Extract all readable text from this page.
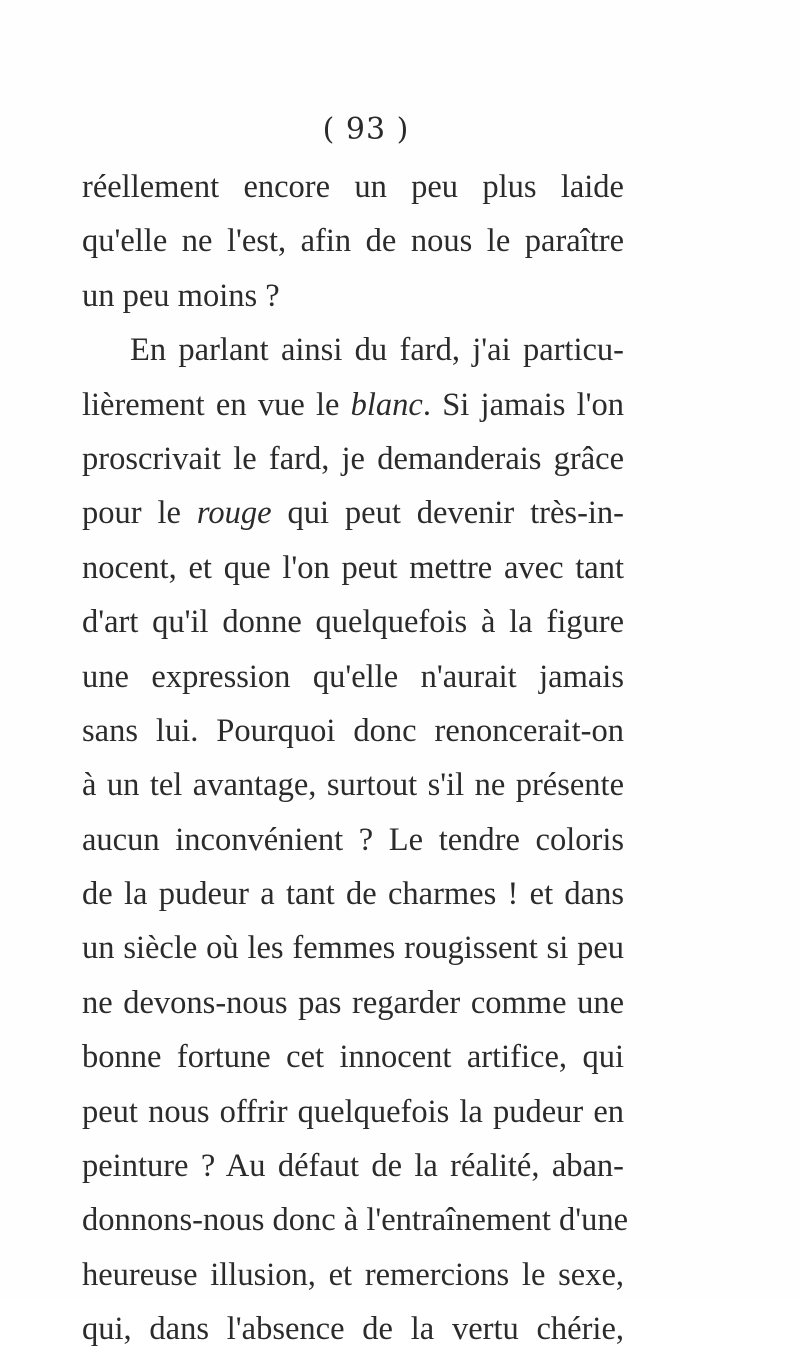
( 93 )
réellement encore un peu plus laide
qu'elle ne l'est, afin de nous le paraître
un peu moins ?
En parlant ainsi du fard, j'ai particu-
lièrement en vue le blanc. Si jamais l'on
proscrivait le fard, je demanderais grâce
pour le rouge qui peut devenir très-in-
nocent, et que l'on peut mettre avec tant
d'art qu'il donne quelquefois à la figure
une expression qu'elle n'aurait jamais
sans lui. Pourquoi donc renoncerait-on
à un tel avantage, surtout s'il ne présente
aucun inconvénient ? Le tendre coloris
de la pudeur a tant de charmes ! et dans
un siècle où les femmes rougissent si peu
ne devons-nous pas regarder comme une
bonne fortune cet innocent artifice, qui
peut nous offrir quelquefois la pudeur en
peinture ? Au défaut de la réalité, aban-
donnons-nous donc à l'entraînement d'une
heureuse illusion, et remercions le sexe,
qui, dans l'absence de la vertu chérie,
